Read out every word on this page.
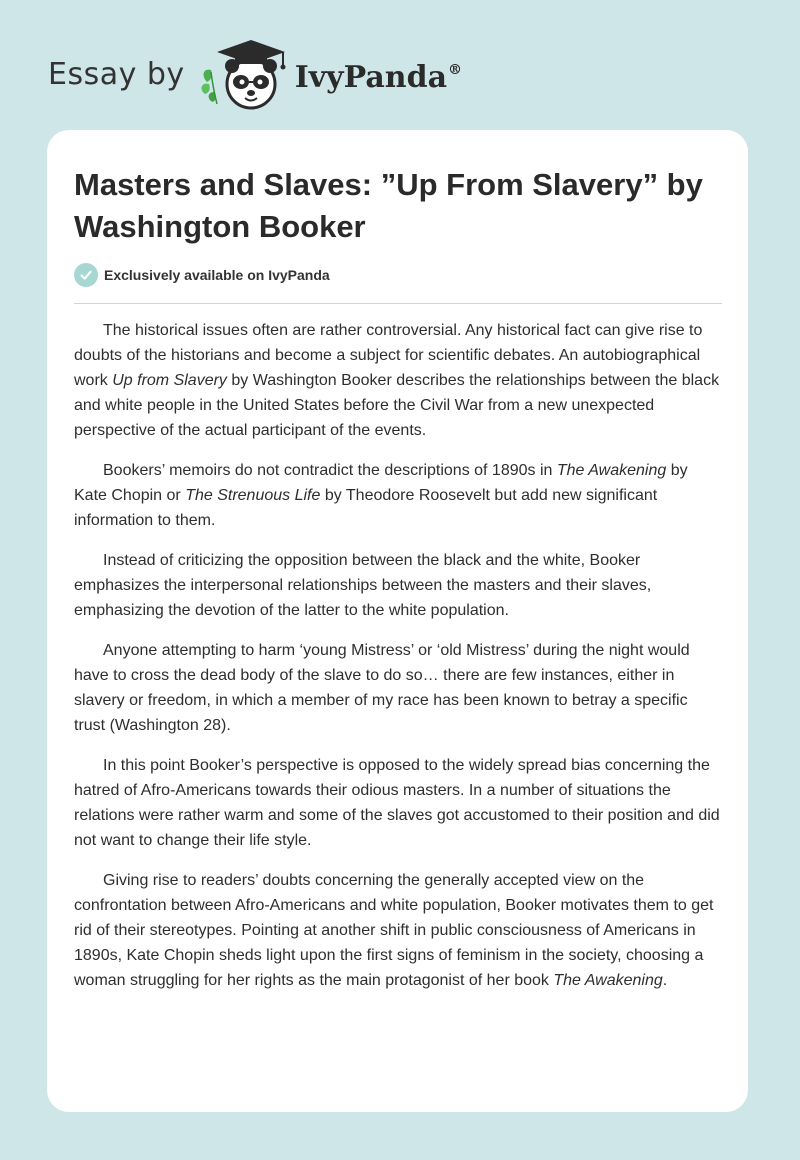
Essay by	IvyPanda®
Masters and Slaves: ”Up From Slavery” by Washington Booker
Exclusively available on IvyPanda

The historical issues often are rather controversial. Any historical fact can give rise to doubts of the historians and become a subject for scientific debates. An autobiographical work Up from Slavery by Washington Booker describes the relationships between the black and white people in the United States before the Civil War from a new unexpected perspective of the actual participant of the events.

Bookers’ memoirs do not contradict the descriptions of 1890s in The Awakening by Kate Chopin or The Strenuous Life by Theodore Roosevelt but add new significant information to them.

Instead of criticizing the opposition between the black and the white, Booker emphasizes the interpersonal relationships between the masters and their slaves, emphasizing the devotion of the latter to the white population.

Anyone attempting to harm ‘young Mistress’ or ‘old Mistress’ during the night would have to cross the dead body of the slave to do so… there are few instances, either in slavery or freedom, in which a member of my race has been known to betray a specific trust (Washington 28).

In this point Booker’s perspective is opposed to the widely spread bias concerning the hatred of Afro-Americans towards their odious masters. In a number of situations the relations were rather warm and some of the slaves got accustomed to their position and did not want to change their life style.

Giving rise to readers’ doubts concerning the generally accepted view on the confrontation between Afro-Americans and white population, Booker motivates them to get rid of their stereotypes. Pointing at another shift in public consciousness of Americans in 1890s, Kate Chopin sheds light upon the first signs of feminism in the society, choosing a woman struggling for her rights as the main protagonist of her book The Awakening.
